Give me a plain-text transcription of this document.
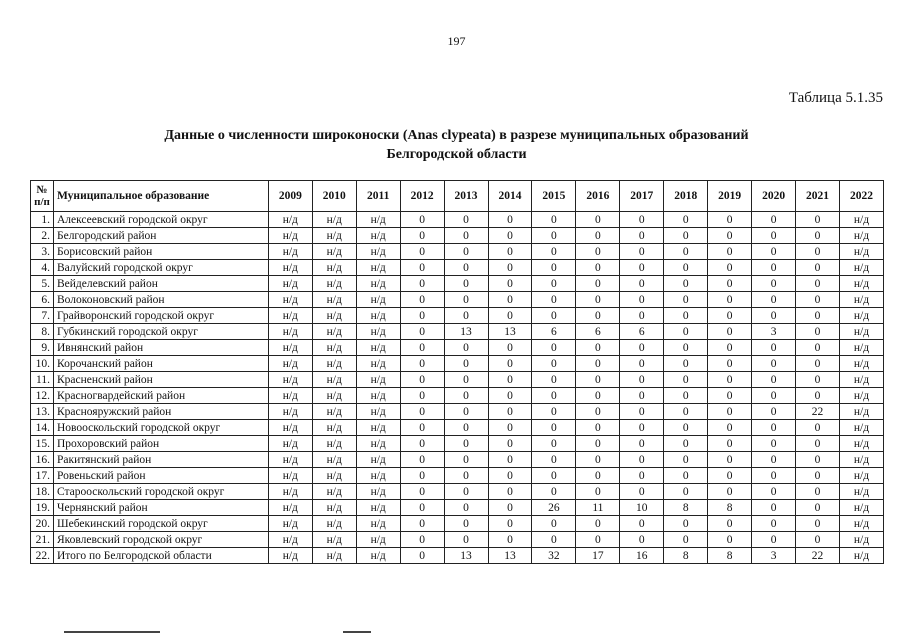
197
Таблица 5.1.35
Данные о численности широконоски (Anas clypeata) в разрезе муниципальных образований
Белгородской области
№
п/п	Муниципальное образование	2009	2010	2011	2012	2013	2014	2015	2016	2017	2018	2019	2020	2021	2022
1.	Алексеевский городской округ	н/д	н/д	н/д	0	0	0	0	0	0	0	0	0	0	н/д
2.	Белгородский район	н/д	н/д	н/д	0	0	0	0	0	0	0	0	0	0	н/д
3.	Борисовский район	н/д	н/д	н/д	0	0	0	0	0	0	0	0	0	0	н/д
4.	Валуйский городской округ	н/д	н/д	н/д	0	0	0	0	0	0	0	0	0	0	н/д
5.	Вейделевский район	н/д	н/д	н/д	0	0	0	0	0	0	0	0	0	0	н/д
6.	Волоконовский район	н/д	н/д	н/д	0	0	0	0	0	0	0	0	0	0	н/д
7.	Грайворонский городской округ	н/д	н/д	н/д	0	0	0	0	0	0	0	0	0	0	н/д
8.	Губкинский городской округ	н/д	н/д	н/д	0	13	13	6	6	6	0	0	3	0	н/д
9.	Ивнянский район	н/д	н/д	н/д	0	0	0	0	0	0	0	0	0	0	н/д
10.	Корочанский район	н/д	н/д	н/д	0	0	0	0	0	0	0	0	0	0	н/д
11.	Красненский район	н/д	н/д	н/д	0	0	0	0	0	0	0	0	0	0	н/д
12.	Красногвардейский район	н/д	н/д	н/д	0	0	0	0	0	0	0	0	0	0	н/д
13.	Краснояружский район	н/д	н/д	н/д	0	0	0	0	0	0	0	0	0	22	н/д
14.	Новооскольский городской округ	н/д	н/д	н/д	0	0	0	0	0	0	0	0	0	0	н/д
15.	Прохоровский район	н/д	н/д	н/д	0	0	0	0	0	0	0	0	0	0	н/д
16.	Ракитянский район	н/д	н/д	н/д	0	0	0	0	0	0	0	0	0	0	н/д
17.	Ровеньский район	н/д	н/д	н/д	0	0	0	0	0	0	0	0	0	0	н/д
18.	Старооскольский городской округ	н/д	н/д	н/д	0	0	0	0	0	0	0	0	0	0	н/д
19.	Чернянский район	н/д	н/д	н/д	0	0	0	26	11	10	8	8	0	0	н/д
20.	Шебекинский городской округ	н/д	н/д	н/д	0	0	0	0	0	0	0	0	0	0	н/д
21.	Яковлевский городской округ	н/д	н/д	н/д	0	0	0	0	0	0	0	0	0	0	н/д
22.	Итого по Белгородской области	н/д	н/д	н/д	0	13	13	32	17	16	8	8	3	22	н/д
